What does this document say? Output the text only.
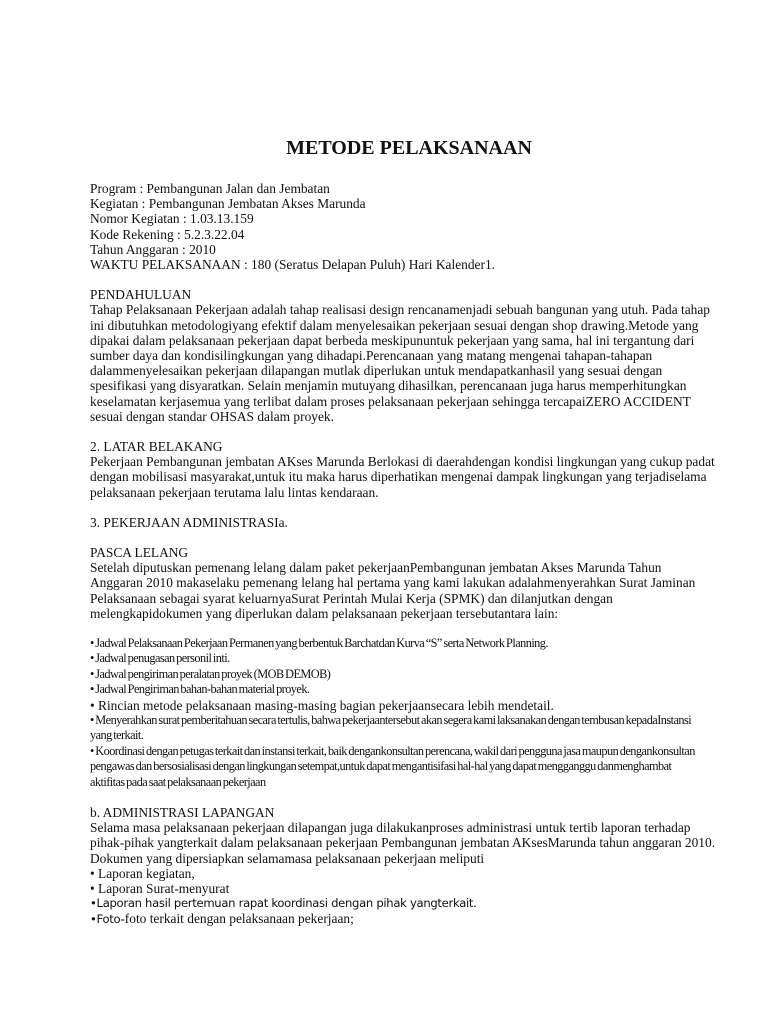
METODE PELAKSANAAN
Program : Pembangunan Jalan dan Jembatan
Kegiatan : Pembangunan Jembatan Akses Marunda
Nomor Kegiatan : 1.03.13.159
Kode Rekening : 5.2.3.22.04
Tahun Anggaran : 2010
WAKTU PELAKSANAAN : 180 (Seratus Delapan Puluh) Hari Kalender1.
PENDAHULUAN
Tahap Pelaksanaan Pekerjaan adalah tahap realisasi design rencanamenjadi sebuah bangunan yang utuh. Pada tahap
ini dibutuhkan metodologiyang efektif dalam menyelesaikan pekerjaan sesuai dengan shop drawing.Metode yang
dipakai dalam pelaksanaan pekerjaan dapat berbeda meskipununtuk pekerjaan yang sama, hal ini tergantung dari
sumber daya dan kondisilingkungan yang dihadapi.Perencanaan yang matang mengenai tahapan-tahapan
dalammenyelesaikan pekerjaan dilapangan mutlak diperlukan untuk mendapatkanhasil yang sesuai dengan
spesifikasi yang disyaratkan. Selain menjamin mutuyang dihasilkan, perencanaan juga harus memperhitungkan
keselamatan kerjasemua yang terlibat dalam proses pelaksanaan pekerjaan sehingga tercapaiZERO ACCIDENT
sesuai dengan standar OHSAS dalam proyek.
2. LATAR BELAKANG
Pekerjaan Pembangunan jembatan AKses Marunda Berlokasi di daerahdengan kondisi lingkungan yang cukup padat
dengan mobilisasi masyarakat,untuk itu maka harus diperhatikan mengenai dampak lingkungan yang terjadiselama
pelaksanaan pekerjaan terutama lalu lintas kendaraan.
3. PEKERJAAN ADMINISTRASIa.
PASCA LELANG
Setelah diputuskan pemenang lelang dalam paket pekerjaanPembangunan jembatan Akses Marunda Tahun
Anggaran 2010 makaselaku pemenang lelang hal pertama yang kami lakukan adalahmenyerahkan Surat Jaminan
Pelaksanaan sebagai syarat keluarnyaSurat Perintah Mulai Kerja (SPMK) dan dilanjutkan dengan
melengkapidokumen yang diperlukan dalam pelaksanaan pekerjaan tersebutantara lain:
• Jadwal Pelaksanaan Pekerjaan Permanen yang berbentuk Barchatdan Kurva “S” serta Network Planning.
• Jadwal penugasan personil inti.
• Jadwal pengiriman peralatan proyek (MOB DEMOB)
• Jadwal Pengiriman bahan-bahan material proyek.
• Rincian metode pelaksanaan masing-masing bagian pekerjaansecara lebih mendetail.
• Menyerahkan surat pemberitahuan secara tertulis, bahwa pekerjaantersebut akan segera kami laksanakan dengan tembusan kepadaInstansi
yang terkait.
• Koordinasi dengan petugas terkait dan instansi terkait, baik dengankonsultan perencana, wakil dari pengguna jasa maupun dengankonsultan
pengawas dan bersosialisasi dengan lingkungan setempat,untuk dapat mengantisifasi hal-hal yang dapat mengganggu danmenghambat
aktifitas pada saat pelaksanaan pekerjaan
b. ADMINISTRASI LAPANGAN
Selama masa pelaksanaan pekerjaan dilapangan juga dilakukanproses administrasi untuk tertib laporan terhadap
pihak-pihak yangterkait dalam pelaksanaan pekerjaan Pembangunan jembatan AKsesMarunda tahun anggaran 2010.
Dokumen yang dipersiapkan selamamasa pelaksanaan pekerjaan meliputi
• Laporan kegiatan,
• Laporan Surat-menyurat
•Laporan hasil pertemuan rapat koordinasi dengan pihak yangterkait.
•Foto-foto terkait dengan pelaksanaan pekerjaan;
